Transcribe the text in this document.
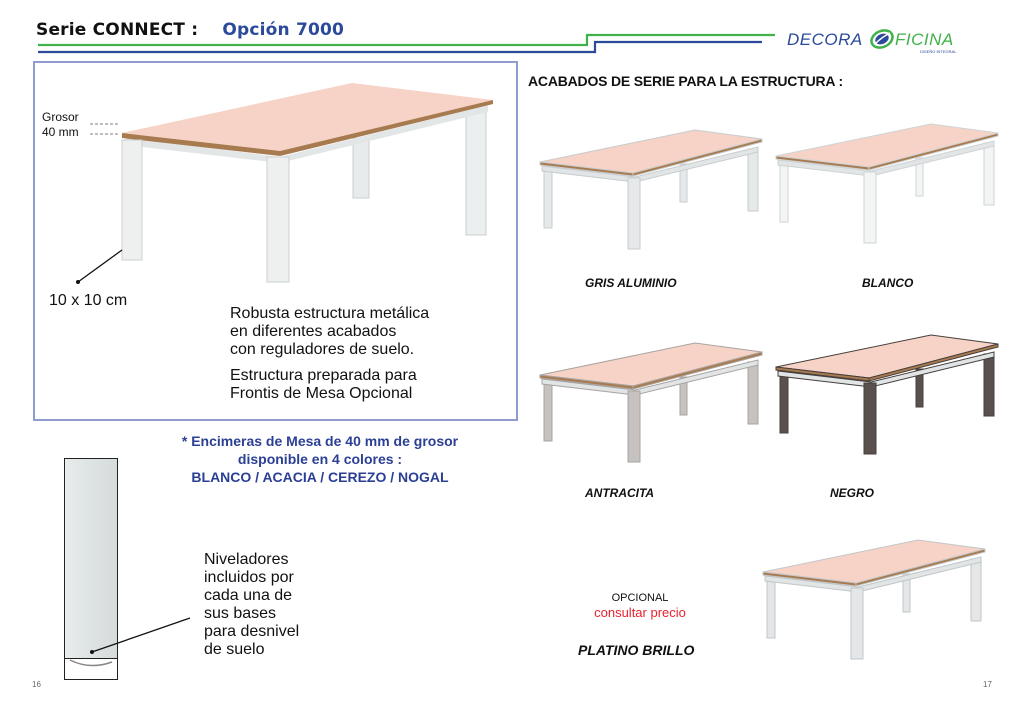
Serie CONNECT : Opción 7000	DECORA FICINA
DISEÑO INTEGRAL
Grosor
40 mm
10 x 10 cm

Robusta estructura metálica
en diferentes acabados
con reguladores de suelo.

Estructura preparada para
Frontis de Mesa Opcional

* Encimeras de Mesa de 40 mm de grosor
disponible en 4 colores :
BLANCO / ACACIA / CEREZO / NOGAL
Niveladores
incluidos por
cada una de
sus bases
para desnivel
de suelo
16
ACABADOS DE SERIE PARA LA ESTRUCTURA :
GRIS ALUMINIO	BLANCO
ANTRACITA	NEGRO
OPCIONAL
consultar precio
PLATINO BRILLO
17
